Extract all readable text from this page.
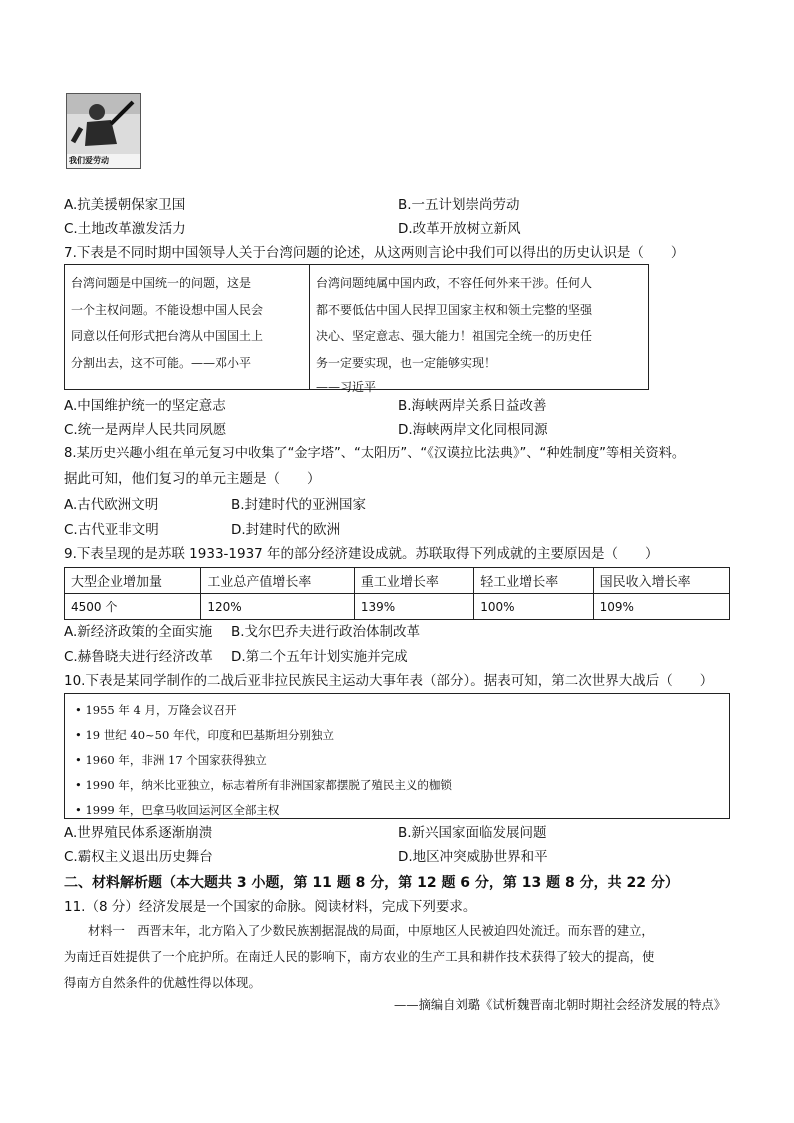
我们爱劳动
A.抗美援朝保家卫国	B.一五计划崇尚劳动
C.土地改革激发活力	D.改革开放树立新风
7.下表是不同时期中国领导人关于台湾问题的论述，从这两则言论中我们可以得出的历史认识是（　　）
台湾问题是中国统一的问题，这是
一个主权问题。不能设想中国人民会
同意以任何形式把台湾从中国国土上
分割出去，这不可能。——邓小平
台湾问题纯属中国内政，不容任何外来干涉。任何人
都不要低估中国人民捍卫国家主权和领土完整的坚强
决心、坚定意志、强大能力！祖国完全统一的历史任
务一定要实现，也一定能够实现！
——习近平
A.中国维护统一的坚定意志	B.海峡两岸关系日益改善
C.统一是两岸人民共同夙愿	D.海峡两岸文化同根同源
8.某历史兴趣小组在单元复习中收集了“金字塔”、“太阳历”、“《汉谟拉比法典》”、“种姓制度”等相关资料。
据此可知，他们复习的单元主题是（　　）
A.古代欧洲文明	B.封建时代的亚洲国家
C.古代亚非文明	D.封建时代的欧洲
9.下表呈现的是苏联 1933-1937 年的部分经济建设成就。苏联取得下列成就的主要原因是（　　）
大型企业增加量	工业总产值增长率	重工业增长率	轻工业增长率	国民收入增长率
4500 个	120%	139%	100%	109%
A.新经济政策的全面实施 B.戈尔巴乔夫进行政治体制改革
C.赫鲁晓夫进行经济改革 D.第二个五年计划实施并完成
10.下表是某同学制作的二战后亚非拉民族民主运动大事年表（部分）。据表可知，第二次世界大战后（　　）
• 1955 年 4 月，万隆会议召开
• 19 世纪 40~50 年代，印度和巴基斯坦分别独立
• 1960 年，非洲 17 个国家获得独立
• 1990 年，纳米比亚独立，标志着所有非洲国家都摆脱了殖民主义的枷锁
• 1999 年，巴拿马收回运河区全部主权
A.世界殖民体系逐渐崩溃	B.新兴国家面临发展问题
C.霸权主义退出历史舞台	D.地区冲突威胁世界和平
二、材料解析题（本大题共 3 小题，第 11 题 8 分，第 12 题 6 分，第 13 题 8 分，共 22 分）
11.（8 分）经济发展是一个国家的命脉。阅读材料，完成下列要求。
材料一　西晋末年，北方陷入了少数民族割据混战的局面，中原地区人民被迫四处流迁。而东晋的建立，
为南迁百姓提供了一个庇护所。在南迁人民的影响下，南方农业的生产工具和耕作技术获得了较大的提高，使
得南方自然条件的优越性得以体现。
——摘编自刘璐《试析魏晋南北朝时期社会经济发展的特点》
